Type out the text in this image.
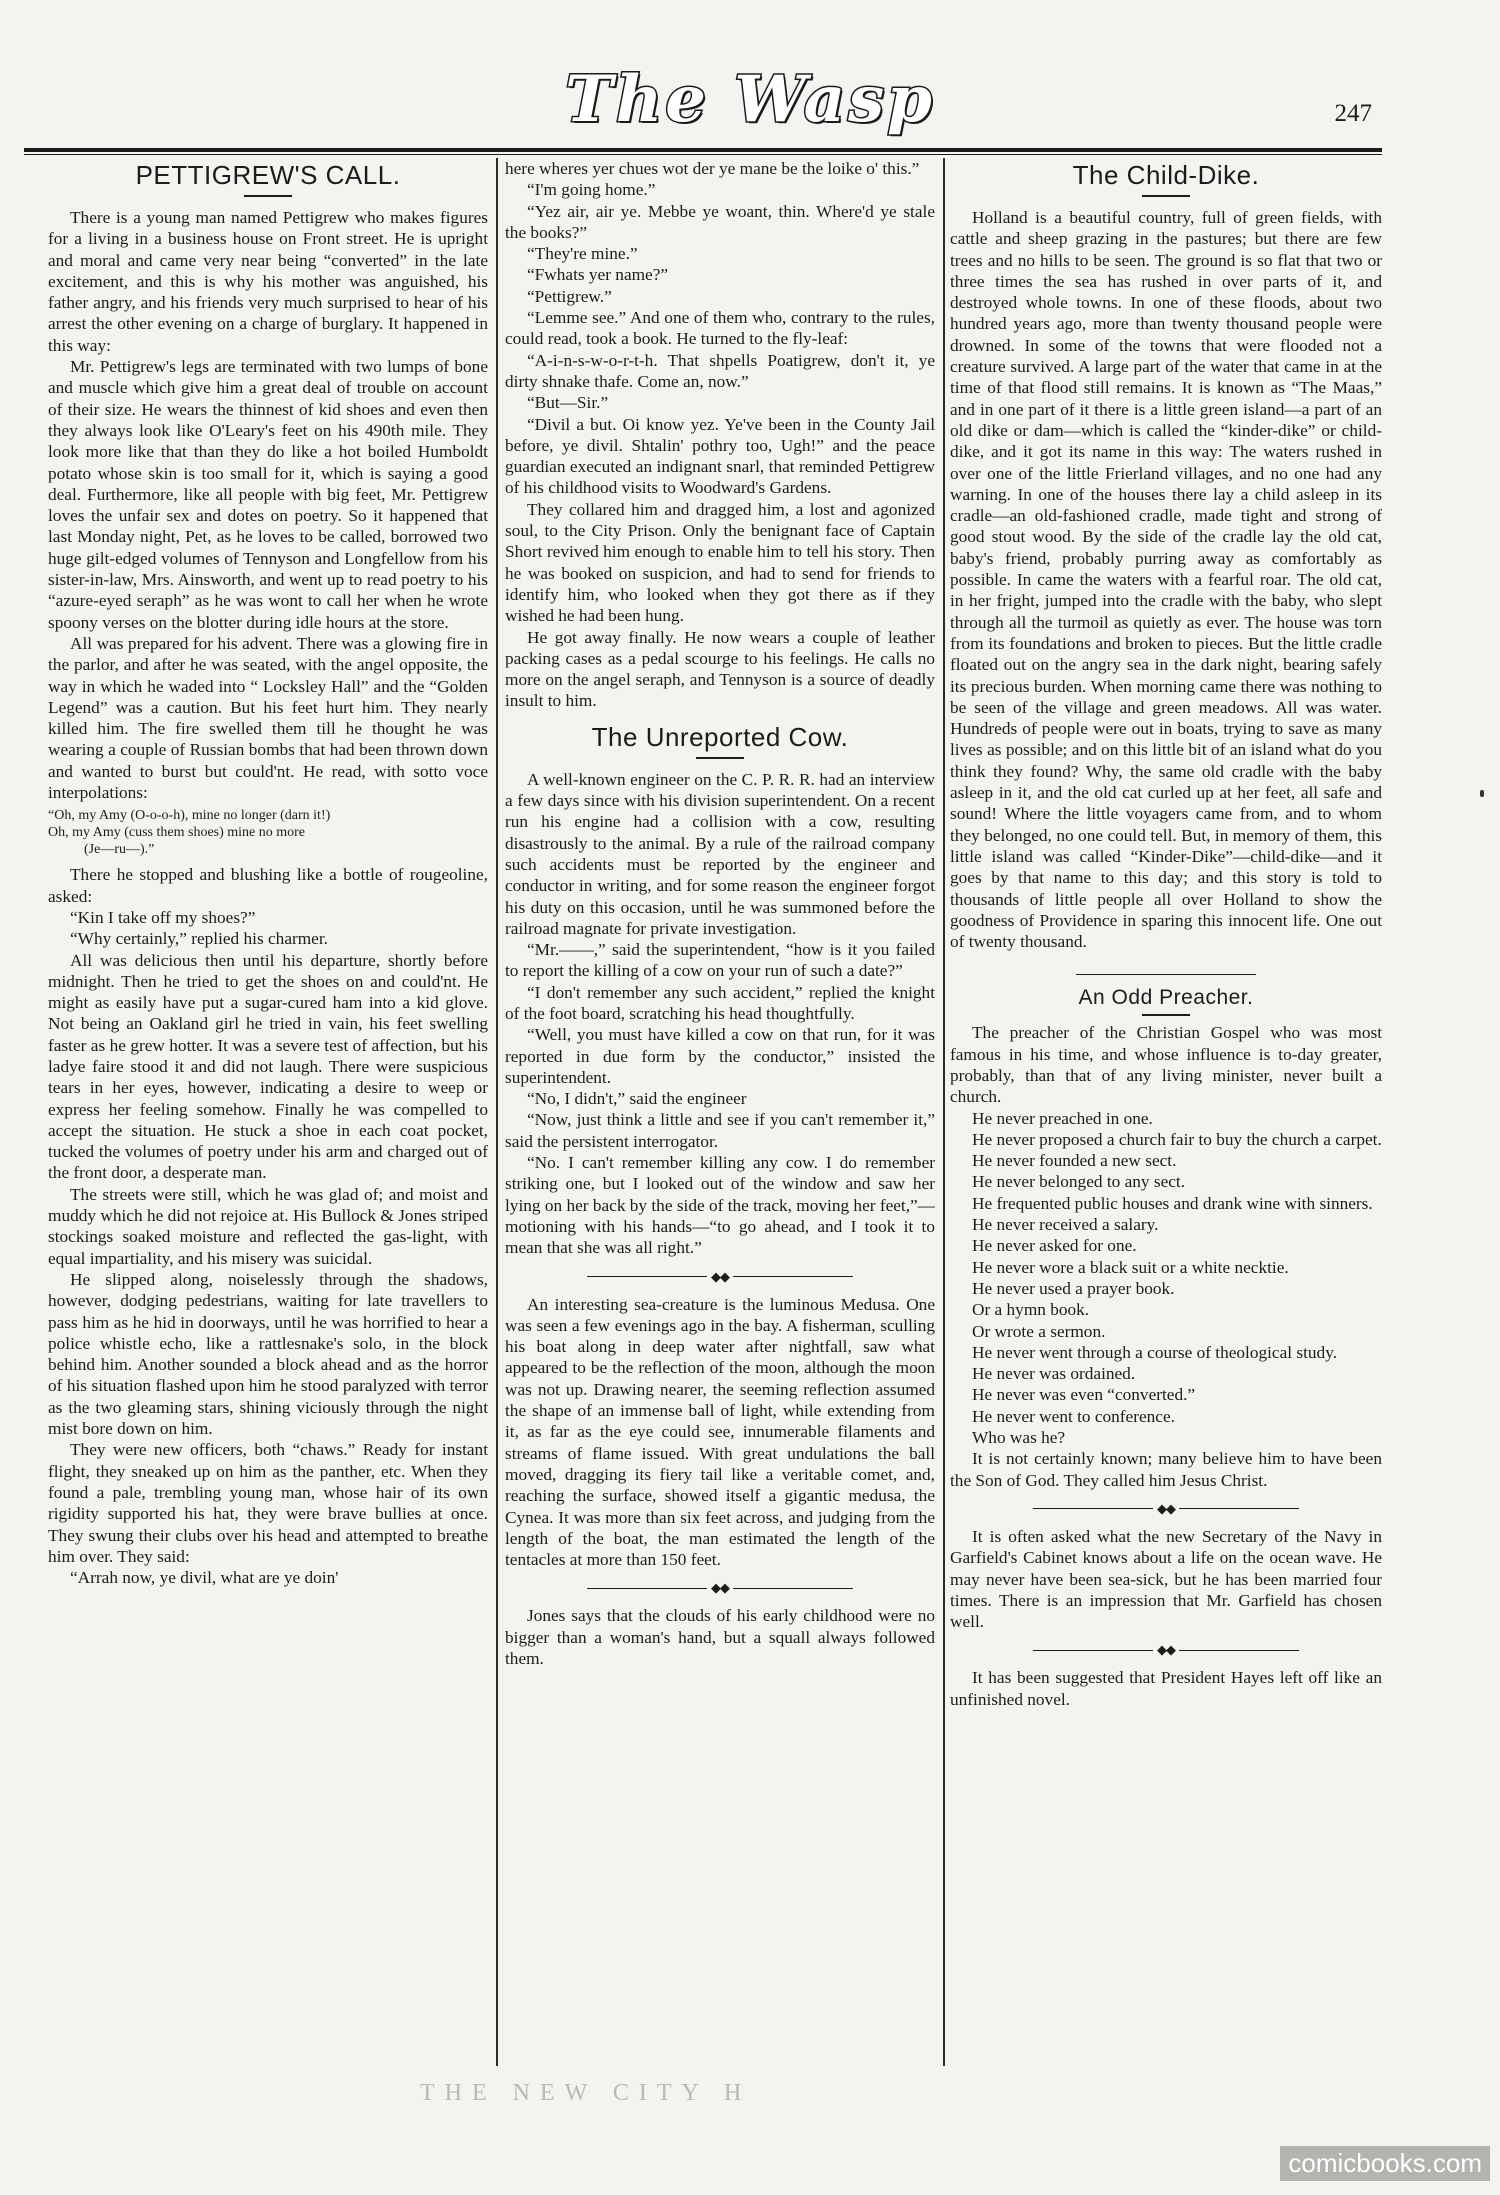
The Wasp	247
PETTIGREW'S CALL.

There is a young man named Pettigrew who makes figures for a living in a business house on Front street. He is upright and moral and came very near being “converted” in the late excitement, and this is why his mother was anguished, his father angry, and his friends very much surprised to hear of his arrest the other evening on a charge of burglary. It happened in this way:

Mr. Pettigrew's legs are terminated with two lumps of bone and muscle which give him a great deal of trouble on account of their size. He wears the thinnest of kid shoes and even then they always look like O'Leary's feet on his 490th mile. They look more like that than they do like a hot boiled Humboldt potato whose skin is too small for it, which is saying a good deal. Furthermore, like all people with big feet, Mr. Pettigrew loves the unfair sex and dotes on poetry. So it happened that last Monday night, Pet, as he loves to be called, borrowed two huge gilt-edged volumes of Tennyson and Longfellow from his sister-in-law, Mrs. Ainsworth, and went up to read poetry to his “azure-eyed seraph” as he was wont to call her when he wrote spoony verses on the blotter during idle hours at the store.

All was prepared for his advent. There was a glowing fire in the parlor, and after he was seated, with the angel opposite, the way in which he waded into “ Locksley Hall” and the “Golden Legend” was a caution. But his feet hurt him. They nearly killed him. The fire swelled them till he thought he was wearing a couple of Russian bombs that had been thrown down and wanted to burst but could'nt. He read, with sotto voce interpolations:

“Oh, my Amy (O-o-o-h), mine no longer (darn it!)
Oh, my Amy (cuss them shoes) mine no more
(Je—ru—).”

There he stopped and blushing like a bottle of rougeoline, asked:

“Kin I take off my shoes?”

“Why certainly,” replied his charmer.

All was delicious then until his departure, shortly before midnight. Then he tried to get the shoes on and could'nt. He might as easily have put a sugar-cured ham into a kid glove. Not being an Oakland girl he tried in vain, his feet swelling faster as he grew hotter. It was a severe test of affection, but his ladye faire stood it and did not laugh. There were suspicious tears in her eyes, however, indicating a desire to weep or express her feeling somehow. Finally he was compelled to accept the situation. He stuck a shoe in each coat pocket, tucked the volumes of poetry under his arm and charged out of the front door, a desperate man.

The streets were still, which he was glad of; and moist and muddy which he did not rejoice at. His Bullock & Jones striped stockings soaked moisture and reflected the gas-light, with equal impartiality, and his misery was suicidal.

He slipped along, noiselessly through the shadows, however, dodging pedestrians, waiting for late travellers to pass him as he hid in doorways, until he was horrified to hear a police whistle echo, like a rattlesnake's solo, in the block behind him. Another sounded a block ahead and as the horror of his situation flashed upon him he stood paralyzed with terror as the two gleaming stars, shining viciously through the night mist bore down on him.

They were new officers, both “chaws.” Ready for instant flight, they sneaked up on him as the panther, etc. When they found a pale, trembling young man, whose hair of its own rigidity supported his hat, they were brave bullies at once. They swung their clubs over his head and attempted to breathe him over. They said:

“Arrah now, ye divil, what are ye doin'

here wheres yer chues wot der ye mane be the loike o' this.”

“I'm going home.”

“Yez air, air ye. Mebbe ye woant, thin. Where'd ye stale the books?”

“They're mine.”

“Fwhats yer name?”

“Pettigrew.”

“Lemme see.” And one of them who, contrary to the rules, could read, took a book. He turned to the fly-leaf:

“A-i-n-s-w-o-r-t-h. That shpells Poatigrew, don't it, ye dirty shnake thafe. Come an, now.”

“But—Sir.”

“Divil a but. Oi know yez. Ye've been in the County Jail before, ye divil. Shtalin' pothry too, Ugh!” and the peace guardian executed an indignant snarl, that reminded Pettigrew of his childhood visits to Woodward's Gardens.

They collared him and dragged him, a lost and agonized soul, to the City Prison. Only the benignant face of Captain Short revived him enough to enable him to tell his story. Then he was booked on suspicion, and had to send for friends to identify him, who looked when they got there as if they wished he had been hung.

He got away finally. He now wears a couple of leather packing cases as a pedal scourge to his feelings. He calls no more on the angel seraph, and Tennyson is a source of deadly insult to him.

The Unreported Cow.

A well-known engineer on the C. P. R. R. had an interview a few days since with his division superintendent. On a recent run his engine had a collision with a cow, resulting disastrously to the animal. By a rule of the railroad company such accidents must be reported by the engineer and conductor in writing, and for some reason the engineer forgot his duty on this occasion, until he was summoned before the railroad magnate for private investigation.

“Mr.——,” said the superintendent, “how is it you failed to report the killing of a cow on your run of such a date?”

“I don't remember any such accident,” replied the knight of the foot board, scratching his head thoughtfully.

“Well, you must have killed a cow on that run, for it was reported in due form by the conductor,” insisted the superintendent.

“No, I didn't,” said the engineer

“Now, just think a little and see if you can't remember it,” said the persistent interrogator.

“No. I can't remember killing any cow. I do remember striking one, but I looked out of the window and saw her lying on her back by the side of the track, moving her feet,”—motioning with his hands—“to go ahead, and I took it to mean that she was all right.”

◆◆

An interesting sea-creature is the luminous Medusa. One was seen a few evenings ago in the bay. A fisherman, sculling his boat along in deep water after nightfall, saw what appeared to be the reflection of the moon, although the moon was not up. Drawing nearer, the seeming reflection assumed the shape of an immense ball of light, while extending from it, as far as the eye could see, innumerable filaments and streams of flame issued. With great undulations the ball moved, dragging its fiery tail like a veritable comet, and, reaching the surface, showed itself a gigantic medusa, the Cynea. It was more than six feet across, and judging from the length of the boat, the man estimated the length of the tentacles at more than 150 feet.

◆◆

Jones says that the clouds of his early childhood were no bigger than a woman's hand, but a squall always followed them.

The Child-Dike.

Holland is a beautiful country, full of green fields, with cattle and sheep grazing in the pastures; but there are few trees and no hills to be seen. The ground is so flat that two or three times the sea has rushed in over parts of it, and destroyed whole towns. In one of these floods, about two hundred years ago, more than twenty thousand people were drowned. In some of the towns that were flooded not a creature survived. A large part of the water that came in at the time of that flood still remains. It is known as “The Maas,” and in one part of it there is a little green island—a part of an old dike or dam—which is called the “kinder-dike” or child-dike, and it got its name in this way: The waters rushed in over one of the little Frierland villages, and no one had any warning. In one of the houses there lay a child asleep in its cradle—an old-fashioned cradle, made tight and strong of good stout wood. By the side of the cradle lay the old cat, baby's friend, probably purring away as comfortably as possible. In came the waters with a fearful roar. The old cat, in her fright, jumped into the cradle with the baby, who slept through all the turmoil as quietly as ever. The house was torn from its foundations and broken to pieces. But the little cradle floated out on the angry sea in the dark night, bearing safely its precious burden. When morning came there was nothing to be seen of the village and green meadows. All was water. Hundreds of people were out in boats, trying to save as many lives as possible; and on this little bit of an island what do you think they found? Why, the same old cradle with the baby asleep in it, and the old cat curled up at her feet, all safe and sound! Where the little voyagers came from, and to whom they belonged, no one could tell. But, in memory of them, this little island was called “Kinder-Dike”—child-dike—and it goes by that name to this day; and this story is told to thousands of little people all over Holland to show the goodness of Providence in sparing this innocent life. One out of twenty thousand.

An Odd Preacher.

The preacher of the Christian Gospel who was most famous in his time, and whose influence is to-day greater, probably, than that of any living minister, never built a church.

He never preached in one.

He never proposed a church fair to buy the church a carpet.

He never founded a new sect.

He never belonged to any sect.

He frequented public houses and drank wine with sinners.

He never received a salary.

He never asked for one.

He never wore a black suit or a white necktie.

He never used a prayer book.

Or a hymn book.

Or wrote a sermon.

He never went through a course of theological study.

He never was ordained.

He never was even “converted.”

He never went to conference.

Who was he?

It is not certainly known; many believe him to have been the Son of God. They called him Jesus Christ.

◆◆

It is often asked what the new Secretary of the Navy in Garfield's Cabinet knows about a life on the ocean wave. He may never have been sea-sick, but he has been married four times. There is an impression that Mr. Garfield has chosen well.

◆◆

It has been suggested that President Hayes left off like an unfinished novel.

THE NEW CITY H
comicbooks.com
